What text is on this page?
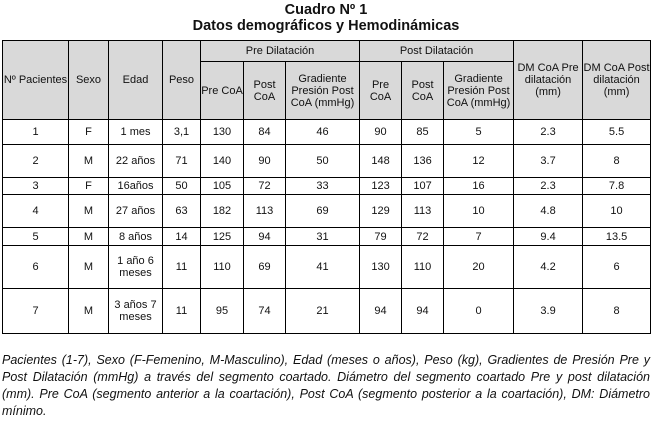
Cuadro Nº 1
Datos demográficos y Hemodinámicas
Nº Pacientes	Sexo	Edad	Peso	Pre Dilatación			Post Dilatación			DM CoA Pre dilatación (mm)	DM CoA Post dilatación (mm)
				Pre CoA	Post CoA	Gradiente Presión Post CoA (mmHg)	Pre CoA	Post CoA	Gradiente Presión Post CoA (mmHg)		
1	F	1 mes	3,1	130	84	46	90	85	5	2.3	5.5
2	M	22 años	71	140	90	50	148	136	12	3.7	8
3	F	16años	50	105	72	33	123	107	16	2.3	7.8
4	M	27 años	63	182	113	69	129	113	10	4.8	10
5	M	8 años	14	125	94	31	79	72	7	9.4	13.5
6	M	1 año 6 meses	11	110	69	41	130	110	20	4.2	6
7	M	3 años 7 meses	11	95	74	21	94	94	0	3.9	8
Pacientes (1-7), Sexo (F-Femenino, M-Masculino), Edad (meses o años), Peso (kg), Gradientes de Presión Pre y Post Dilatación (mmHg) a través del segmento coartado. Diámetro del segmento coartado Pre y post dilatación (mm). Pre CoA (segmento anterior a la coartación), Post CoA (segmento posterior a la coartación), DM: Diámetro mínimo.
